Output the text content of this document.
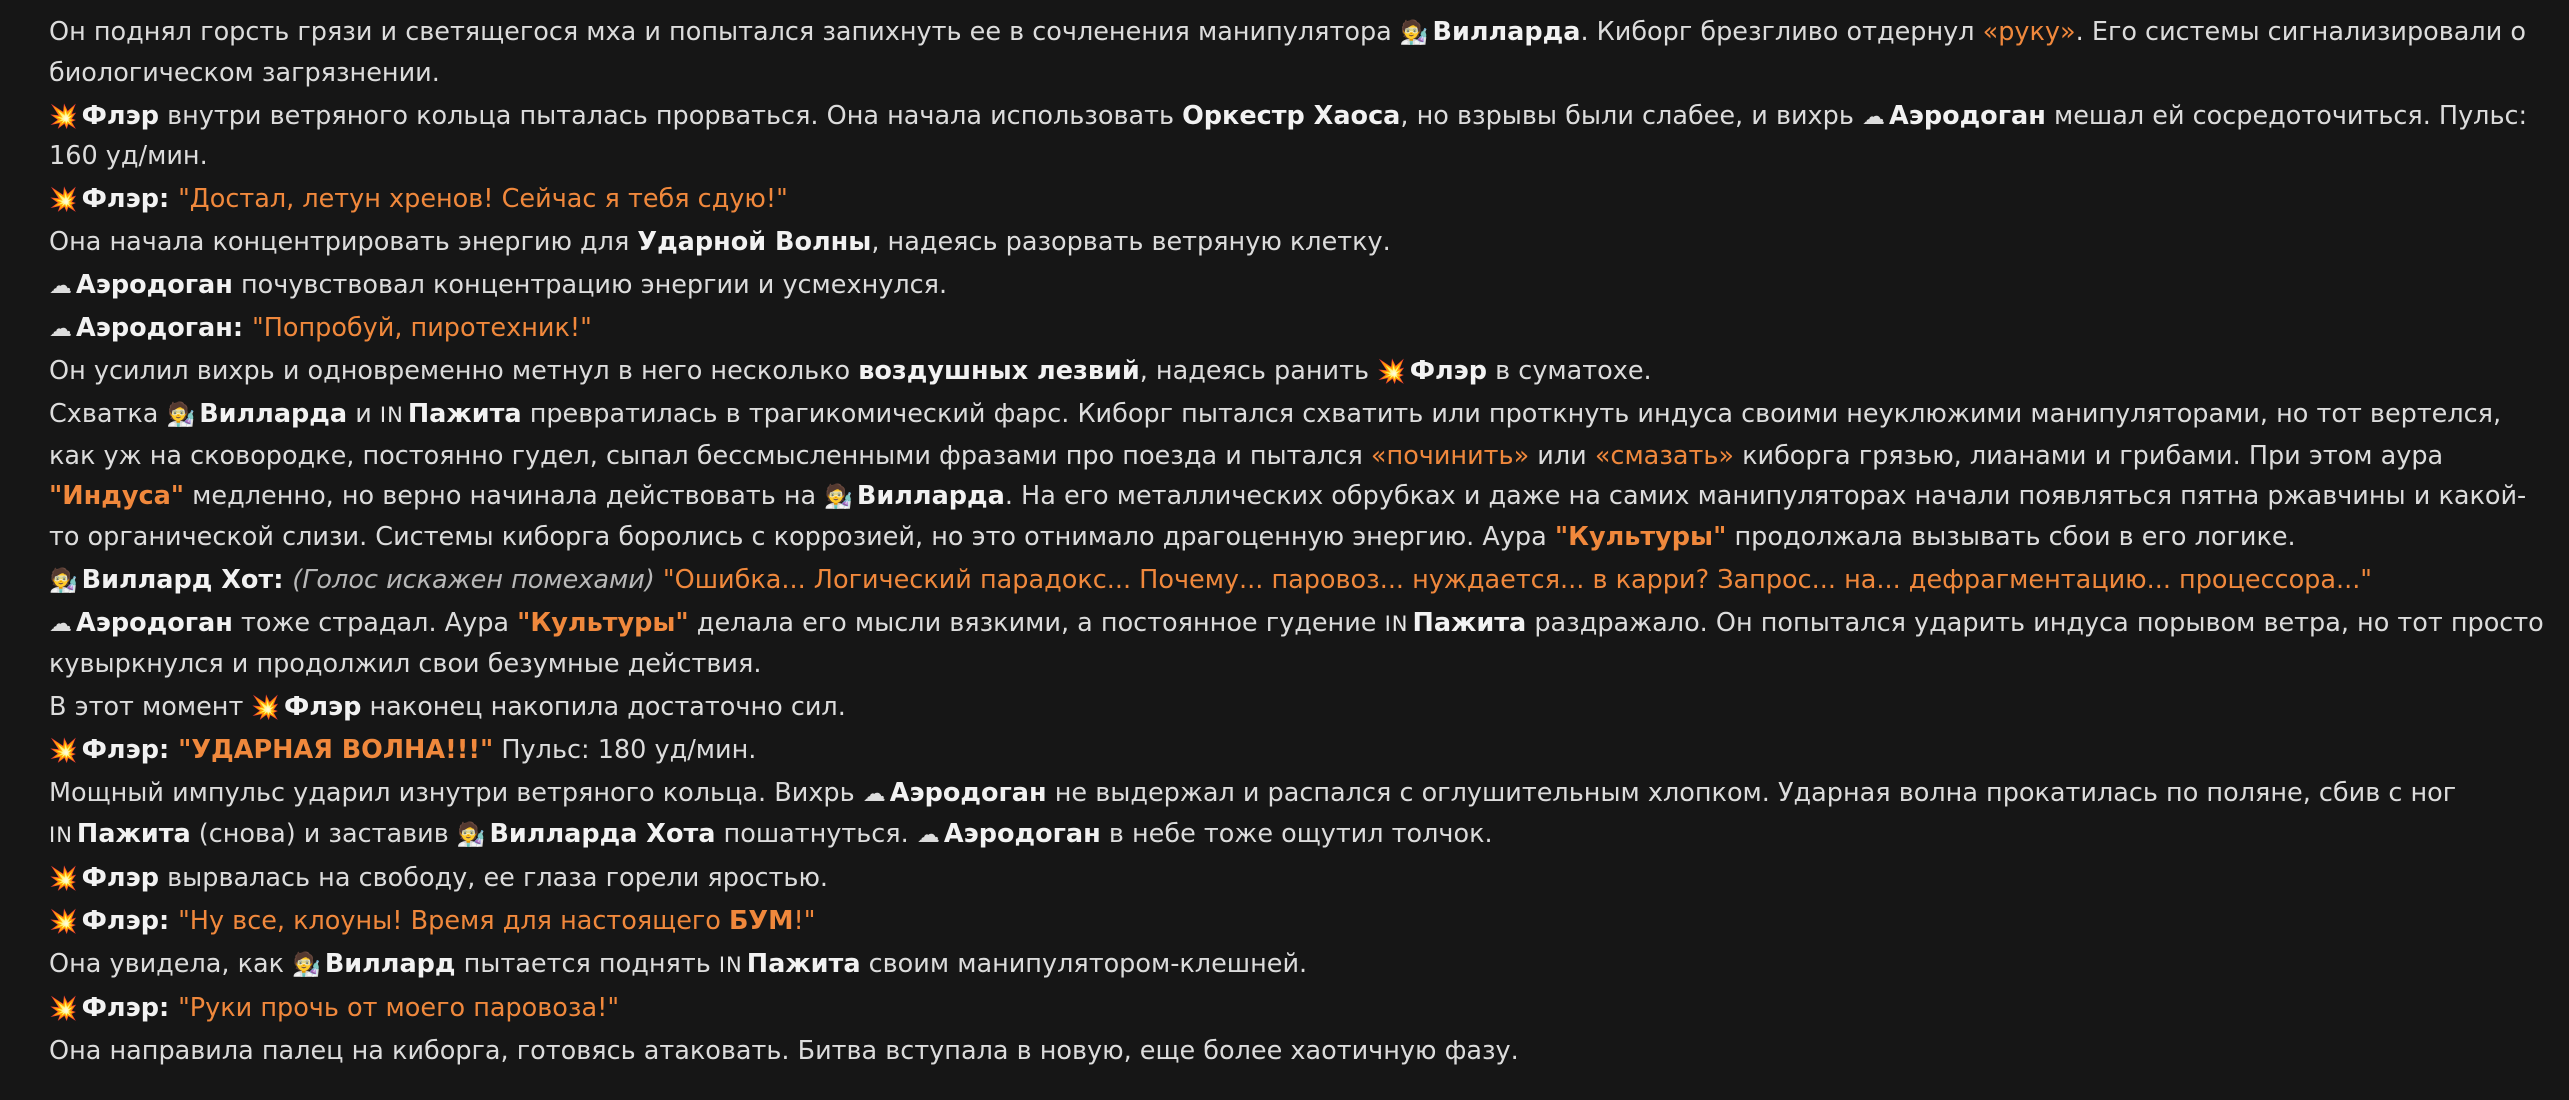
Он поднял горсть грязи и светящегося мха и попытался запихнуть ее в сочленения манипулятора 🧑‍🔬 Вилларда. Киборг брезгливо отдернул «руку». Его системы сигнализировали о биологическом загрязнении.

💥 Флэр внутри ветряного кольца пыталась прорваться. Она начала использовать Оркестр Хаоса, но взрывы были слабее, и вихрь ☁ Аэродоган мешал ей сосредоточиться. Пульс: 160 уд/мин.

💥 Флэр: "Достал, летун хренов! Сейчас я тебя сдую!"

Она начала концентрировать энергию для Ударной Волны, надеясь разорвать ветряную клетку.

☁ Аэродоган почувствовал концентрацию энергии и усмехнулся.

☁ Аэродоган: "Попробуй, пиротехник!"

Он усилил вихрь и одновременно метнул в него несколько воздушных лезвий, надеясь ранить 💥 Флэр в суматохе.

Схватка 🧑‍🔬 Вилларда и IN Пажита превратилась в трагикомический фарс. Киборг пытался схватить или проткнуть индуса своими неуклюжими манипуляторами, но тот вертелся, как уж на сковородке, постоянно гудел, сыпал бессмысленными фразами про поезда и пытался «починить» или «смазать» киборга грязью, лианами и грибами. При этом аура "Индуса" медленно, но верно начинала действовать на 🧑‍🔬 Вилларда. На его металлических обрубках и даже на самих манипуляторах начали появляться пятна ржавчины и какой-то органической слизи. Системы киборга боролись с коррозией, но это отнимало драгоценную энергию. Аура "Культуры" продолжала вызывать сбои в его логике.

🧑‍🔬 Виллард Хот: (Голос искажен помехами) "Ошибка... Логический парадокс... Почему... паровоз... нуждается... в карри? Запрос... на... дефрагментацию... процессора..."

☁ Аэродоган тоже страдал. Аура "Культуры" делала его мысли вязкими, а постоянное гудение IN Пажита раздражало. Он попытался ударить индуса порывом ветра, но тот просто кувыркнулся и продолжил свои безумные действия.

В этот момент 💥 Флэр наконец накопила достаточно сил.

💥 Флэр: "УДАРНАЯ ВОЛНА!!!" Пульс: 180 уд/мин.

Мощный импульс ударил изнутри ветряного кольца. Вихрь ☁ Аэродоган не выдержал и распался с оглушительным хлопком. Ударная волна прокатилась по поляне, сбив с ног IN Пажита (снова) и заставив 🧑‍🔬 Вилларда Хота пошатнуться. ☁ Аэродоган в небе тоже ощутил толчок.

💥 Флэр вырвалась на свободу, ее глаза горели яростью.

💥 Флэр: "Ну все, клоуны! Время для настоящего БУМ!"

Она увидела, как 🧑‍🔬 Виллард пытается поднять IN Пажита своим манипулятором-клешней.

💥 Флэр: "Руки прочь от моего паровоза!"

Она направила палец на киборга, готовясь атаковать. Битва вступала в новую, еще более хаотичную фазу.
